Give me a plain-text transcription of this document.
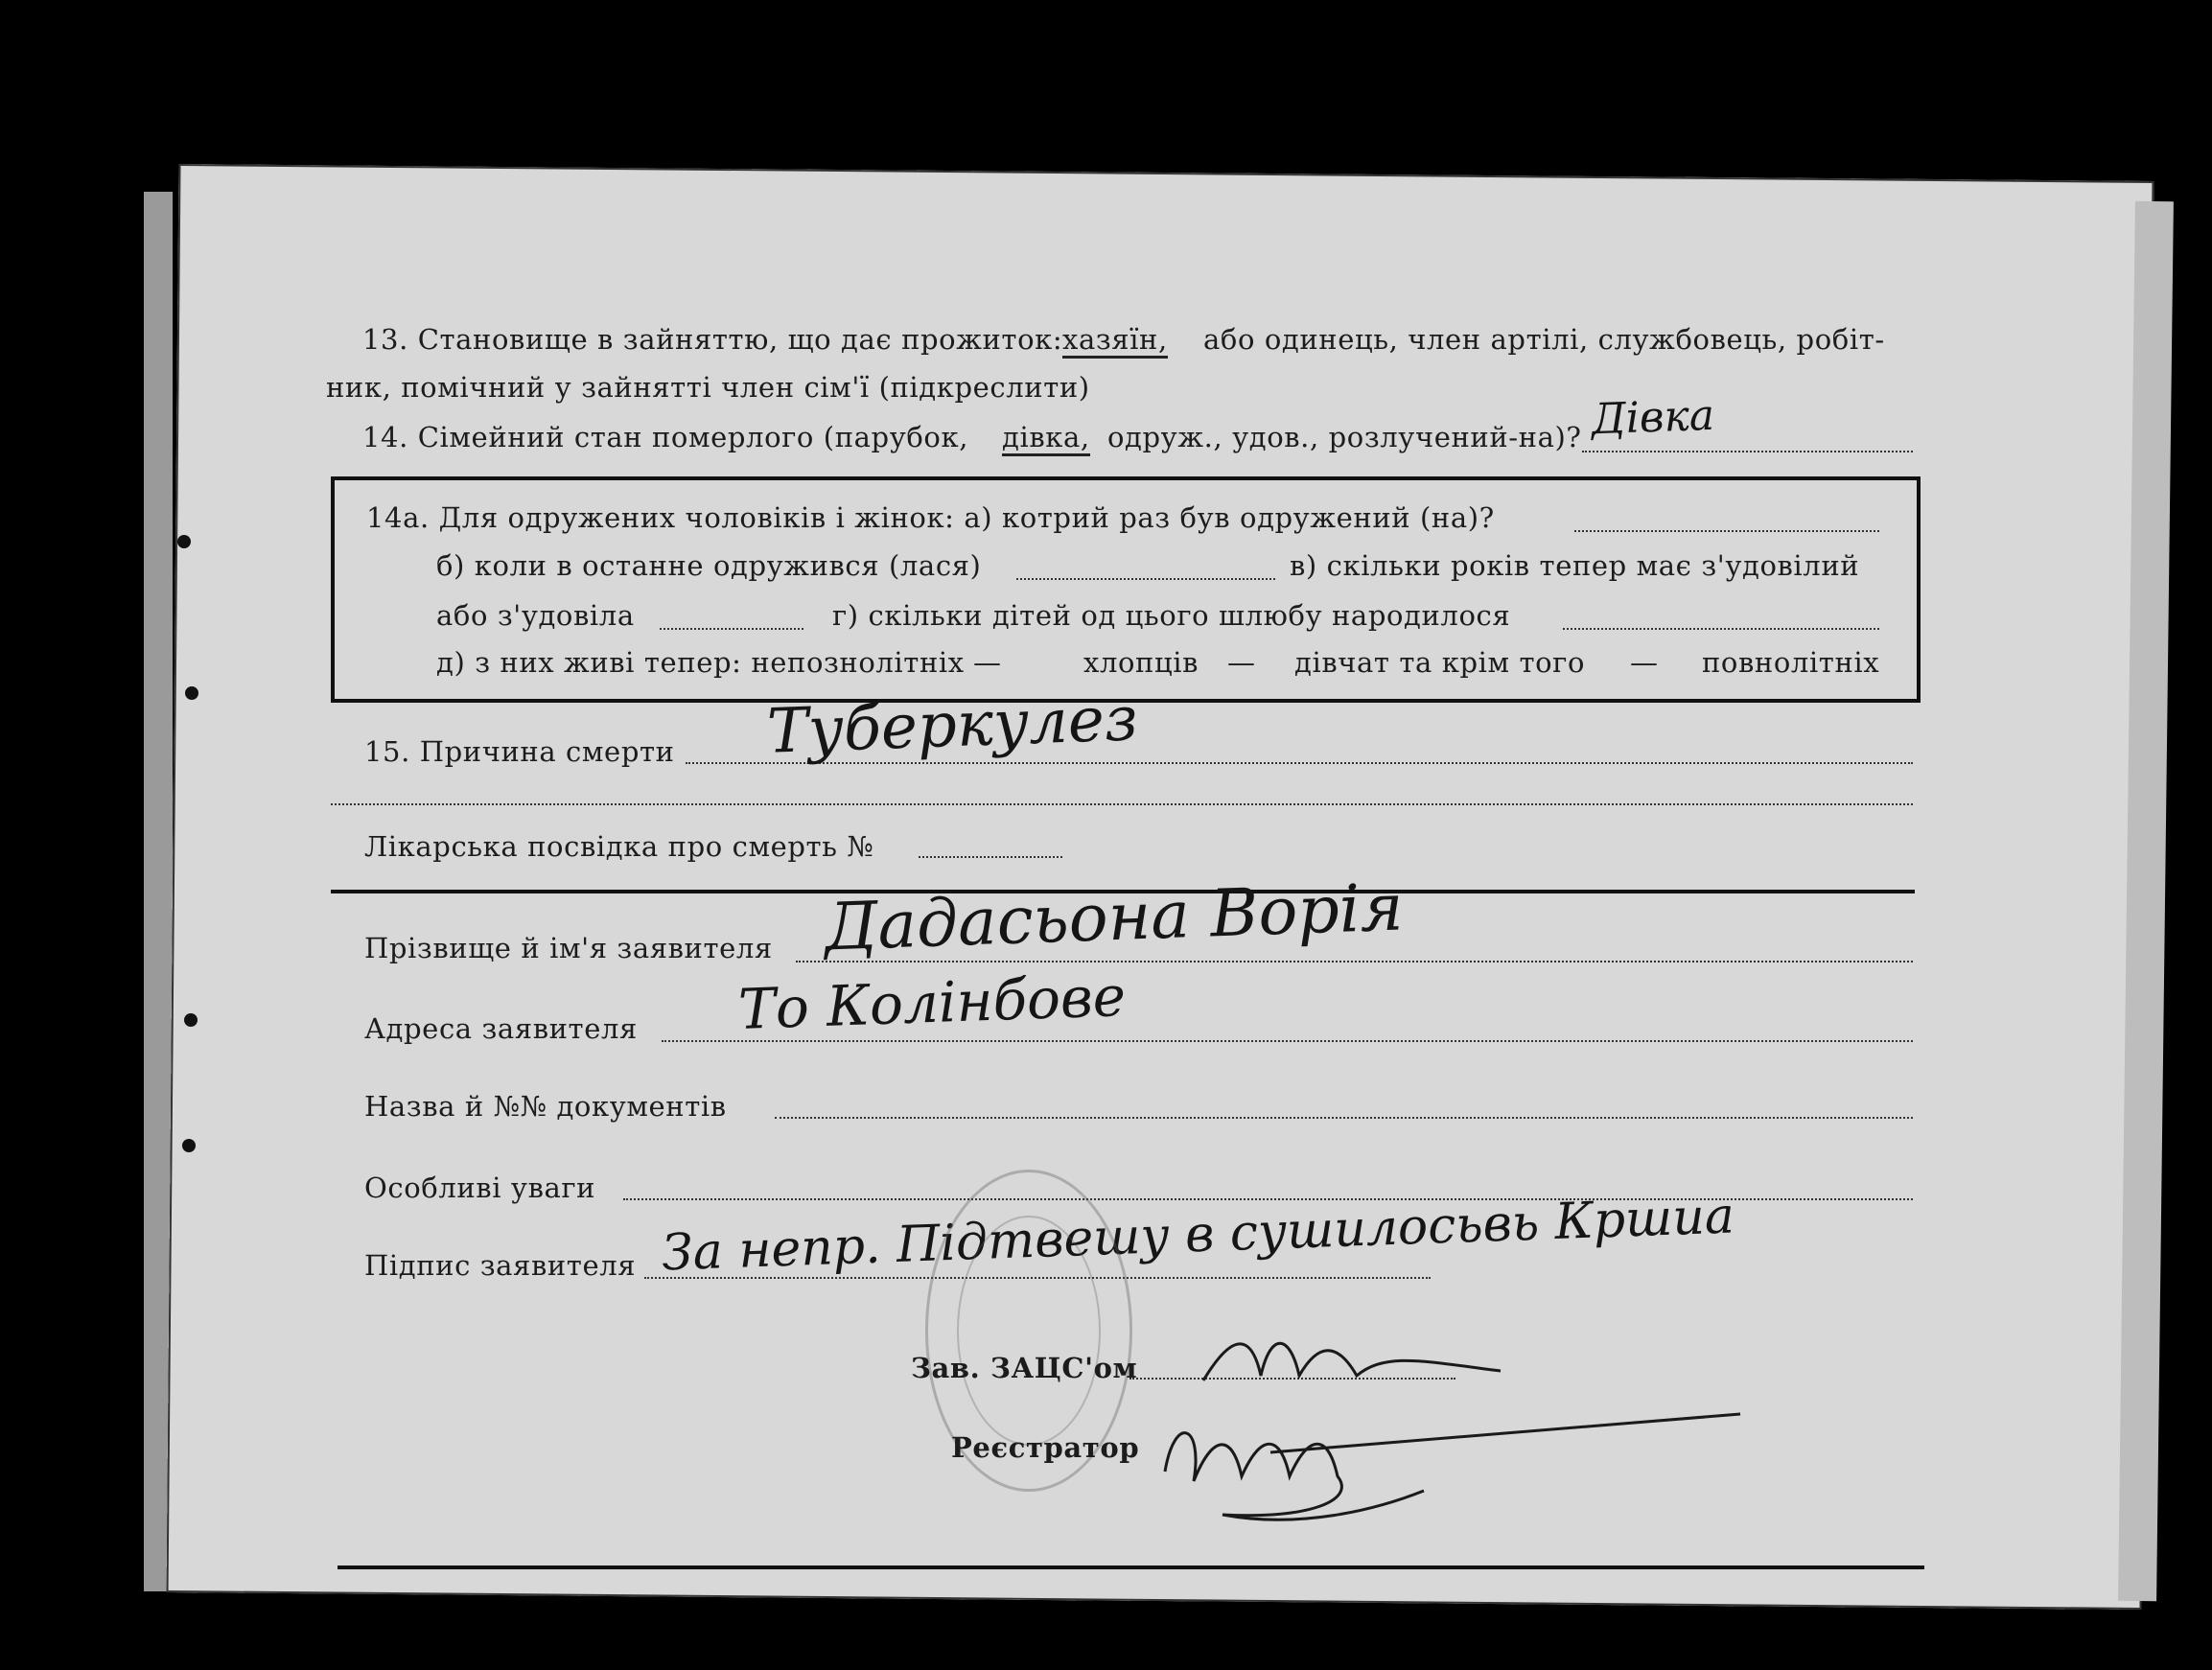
13. Становище в зайняттю, що дає прожиток: хазяїн, або одинець, член артілі, службовець, робіт-
ник, помічний у зайнятті член сім'ї (підкреслити)
14. Сімейний стан померлого (парубок, дівка, одруж., удов., розлучений-на)? Дівка
14а. Для одружених чоловіків і жінок: а) котрий раз був одружений (на)?
б) коли в останне одружився (лася)	в) скільки років тепер має з'удовілий
або з'удовіла	г) скільки дітей од цього шлюбу народилося
д) з них живі тепер: непознолітніх —	хлопців — дівчат та крім того — повнолітніх
15. Причина смерти Туберкулез
Лікарська посвідка про смерть №
Прізвище й ім'я заявителя Дадасьона Ворія
Адреса заявителя То Колінбове
Назва й №№ документів
Особливі уваги
Підпис заявителя За непр. Підтвешу в сушилосьвь Кршиа
Зав. ЗАЦС'ом
Реєстратор
